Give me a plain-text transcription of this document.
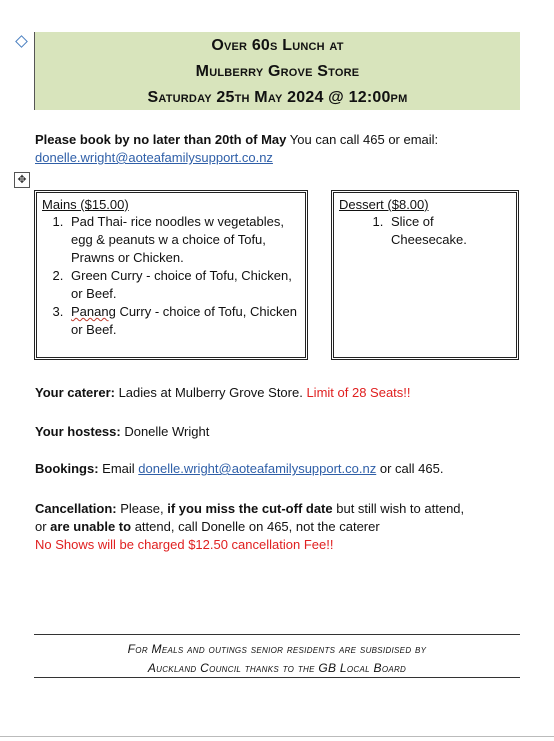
Over 60s Lunch at
Mulberry Grove Store
Saturday 25th May 2024 @ 12:00pm
Please book by no later than 20th of May You can call 465 or email:
donelle.wright@aoteafamilysupport.co.nz
✥
Mains ($15.00)
1. Pad Thai- rice noodles w vegetables, egg & peanuts w a choice of Tofu, Prawns or Chicken.
2. Green Curry - choice of Tofu, Chicken, or Beef.
3. Panang Curry - choice of Tofu, Chicken or Beef.
Dessert ($8.00)
1. Slice of Cheesecake.
Your caterer: Ladies at Mulberry Grove Store. Limit of 28 Seats!!
Your hostess: Donelle Wright
Bookings: Email donelle.wright@aoteafamilysupport.co.nz or call 465.
Cancellation: Please, if you miss the cut-off date but still wish to attend,
or are unable to attend, call Donelle on 465, not the caterer
No Shows will be charged $12.50 cancellation Fee!!
For Meals and outings senior residents are subsidised by
Auckland Council thanks to the GB Local Board
